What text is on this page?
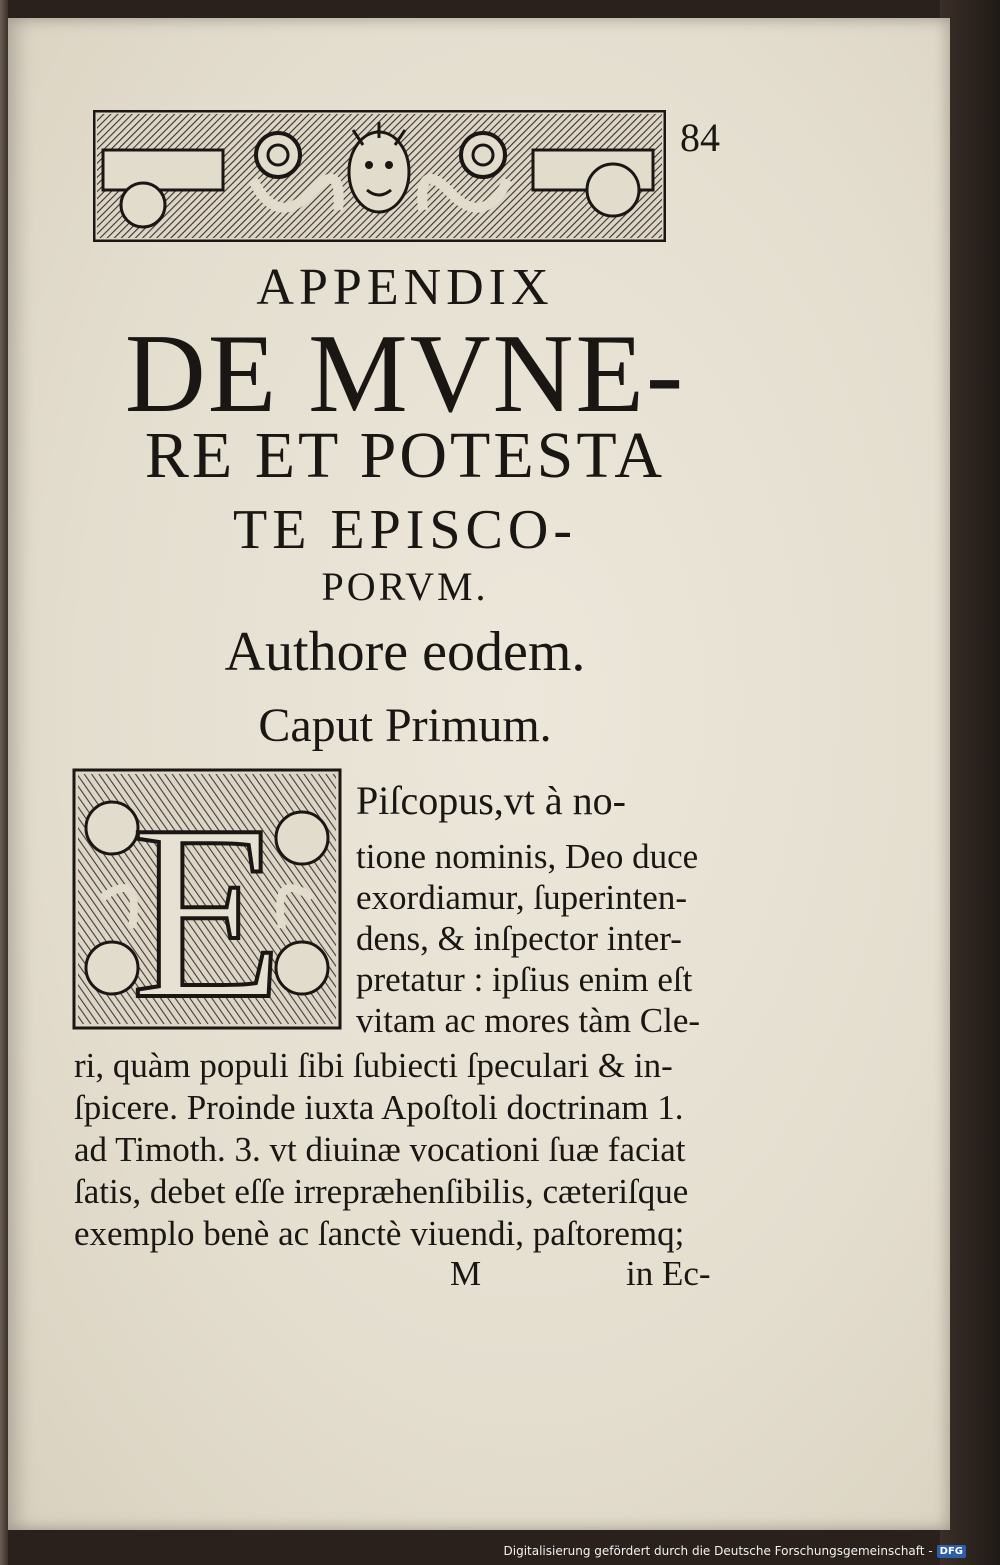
84
APPENDIX
DE MVNE-
RE ET POTESTA
TE EPISCO-
PORVM.
Authore eodem.
Caput Primum.
E Piſcopus,vt à no-
tione nominis, Deo duce
exordiamur, ſuperinten-
dens, & inſpector inter-
pretatur : ipſius enim eſt
vitam ac mores tàm Cle-
ri, quàm populi ſibi ſubiecti ſpeculari & in-
ſpicere. Proinde iuxta Apoſtoli doctrinam 1.
ad Timoth. 3. vt diuinæ vocationi ſuæ faciat
ſatis, debet eſſe irrepræhenſibilis, cæteriſque
exemplo benè ac ſanctè viuendi, paſtoremq;
M	in Ec-
Digitalisierung gefördert durch die Deutsche Forschungsgemeinschaft - DFG
